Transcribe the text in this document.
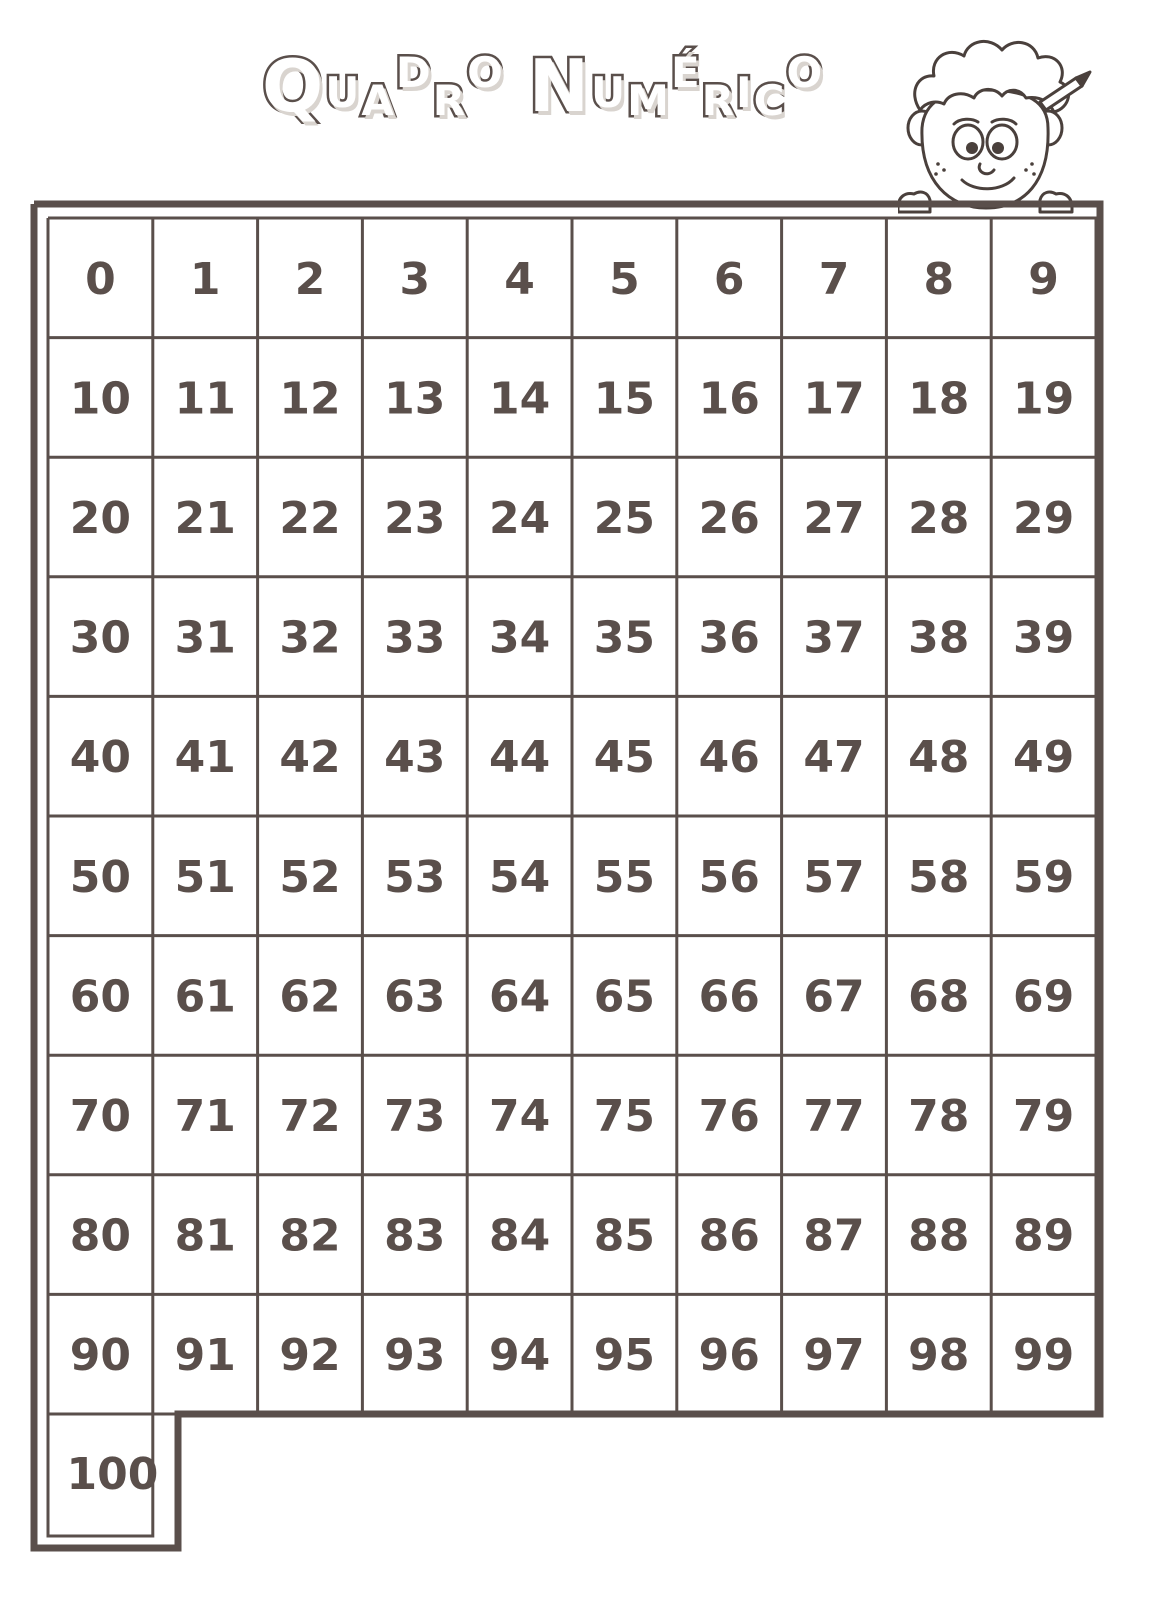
Q U A
D
R
O N U M
É
R I C
O
0 1 2 3 4 5 6 7 8 9
10 11 12 13 14 15 16 17 18 19
20 21 22 23 24 25 26 27 28 29
30 31 32 33 34 35 36 37 38 39
40 41 42 43 44 45 46 47 48 49
50 51 52 53 54 55 56 57 58 59
60 61 62 63 64 65 66 67 68 69
70 71 72 73 74 75 76 77 78 79
80 81 82 83 84 85 86 87 88 89
90 91 92 93 94 95 96 97 98 99
100
